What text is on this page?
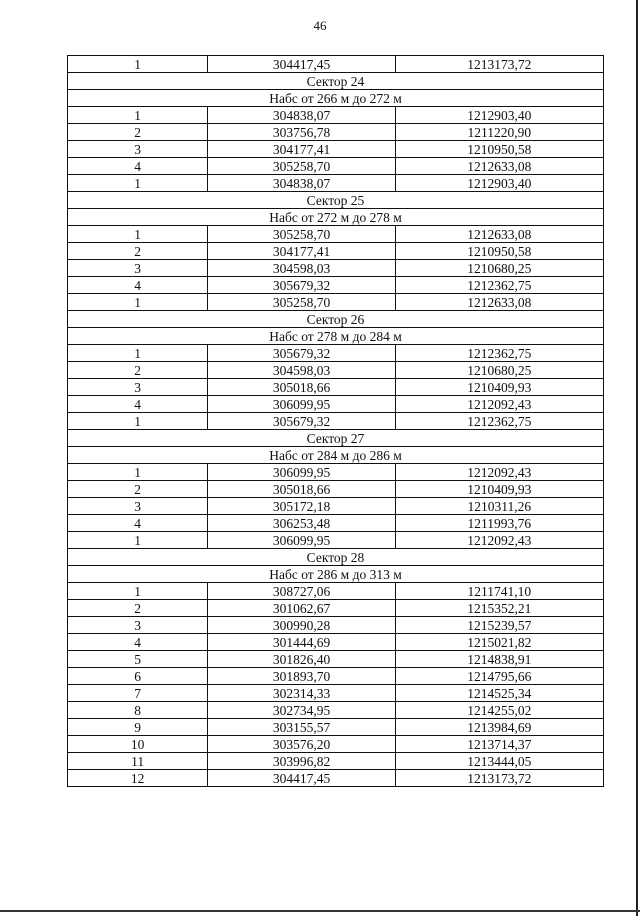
46
1	304417,45	1213173,72
Сектор 24		
Набс от 266 м до 272 м		
1	304838,07	1212903,40
2	303756,78	1211220,90
3	304177,41	1210950,58
4	305258,70	1212633,08
1	304838,07	1212903,40
Сектор 25		
Набс от 272 м до 278 м		
1	305258,70	1212633,08
2	304177,41	1210950,58
3	304598,03	1210680,25
4	305679,32	1212362,75
1	305258,70	1212633,08
Сектор 26		
Набс от 278 м до 284 м		
1	305679,32	1212362,75
2	304598,03	1210680,25
3	305018,66	1210409,93
4	306099,95	1212092,43
1	305679,32	1212362,75
Сектор 27		
Набс от 284 м до 286 м		
1	306099,95	1212092,43
2	305018,66	1210409,93
3	305172,18	1210311,26
4	306253,48	1211993,76
1	306099,95	1212092,43
Сектор 28		
Набс от 286 м до 313 м		
1	308727,06	1211741,10
2	301062,67	1215352,21
3	300990,28	1215239,57
4	301444,69	1215021,82
5	301826,40	1214838,91
6	301893,70	1214795,66
7	302314,33	1214525,34
8	302734,95	1214255,02
9	303155,57	1213984,69
10	303576,20	1213714,37
11	303996,82	1213444,05
12	304417,45	1213173,72
